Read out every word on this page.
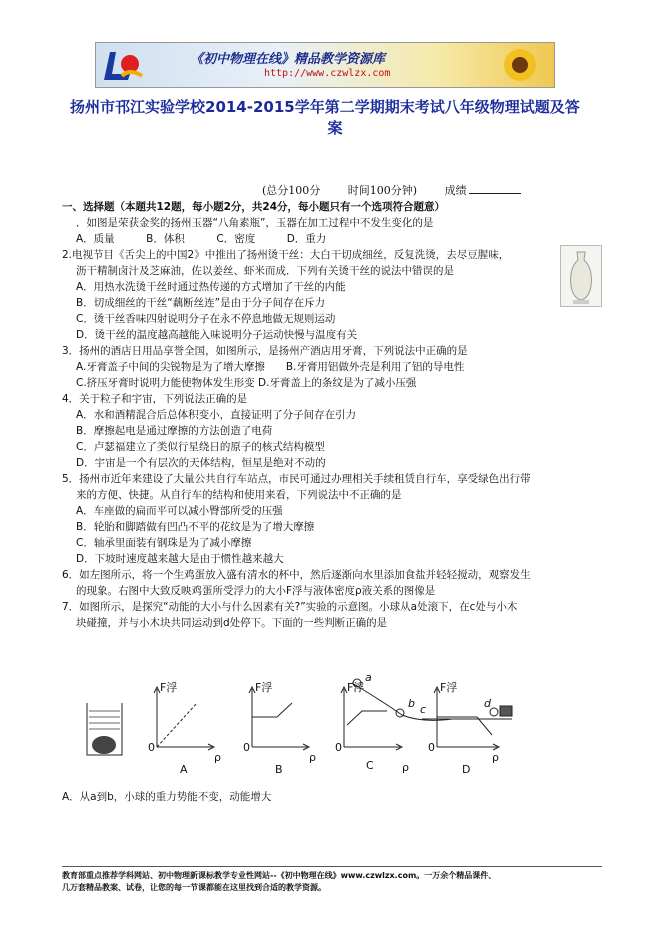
《初中物理在线》精品教学资源库
http://www.czwlzx.com
扬州市邗江实验学校2014-2015学年第二学期期末考试八年级物理试题及答
案
(总分100分	时间100分钟)	成绩

一、选择题（本题共12题，每小题2分，共24分，每小题只有一个选项符合题意）

．如图是荣获金奖的扬州玉器“八角素瓶”，玉器在加工过程中不发生变化的是

A．质量　　　B．体积　　　C．密度　　　D．重力

2.电视节目《舌尖上的中国2》中推出了扬州烫干丝：大白干切成细丝，反复洗烫，去尽豆腥味，

沥干精制卤汁及芝麻油，佐以姜丝、虾米而成．下列有关烫干丝的说法中错误的是

A．用热水洗烫干丝时通过热传递的方式增加了干丝的内能

B．切成细丝的干丝“藕断丝连”是由于分子间存在斥力

C．烫干丝香味四射说明分子在永不停息地做无规则运动

D．烫干丝的温度越高越能入味说明分子运动快慢与温度有关

3．扬州的酒店日用品享誉全国，如图所示，是扬州产酒店用牙膏，下列说法中正确的是

A.牙膏盖子中间的尖锐物是为了增大摩擦　　B.牙膏用铝做外壳是利用了铝的导电性

C.挤压牙膏时说明力能使物体发生形变 D.牙膏盖上的条纹是为了减小压强

4．关于粒子和宇宙，下列说法正确的是

A．水和酒精混合后总体积变小，直接证明了分子间存在引力

B．摩擦起电是通过摩擦的方法创造了电荷

C．卢瑟福建立了类似行星绕日的原子的核式结构模型

D．宇宙是一个有层次的天体结构，恒星是绝对不动的

5．扬州市近年来建设了大量公共自行车站点，市民可通过办理相关手续租赁自行车，享受绿色出行带

来的方便、快捷。从自行车的结构和使用来看，下列说法中不正确的是

A．车座做的扁而平可以减小臀部所受的压强

B．轮胎和脚踏做有凹凸不平的花纹是为了增大摩擦

C．轴承里面装有钢珠是为了减小摩擦

D．下坡时速度越来越大是由于惯性越来越大

6．如左图所示，将一个生鸡蛋放入盛有清水的杯中，然后逐渐向水里添加食盐并轻轻搅动，观察发生

的现象。右图中大致反映鸡蛋所受浮力的大小F浮与液体密度ρ液关系的图像是

7．如图所示，是探究“动能的大小与什么因素有关?”实验的示意图。小球从a处滚下，在c处与小木

块碰撞，并与小木块共同运动到d处停下。下面的一些判断正确的是

F浮	F浮	F浮	F浮
0	0	0	0
ρ	ρ
ρ
ρ
A	B	C	D
a
b c	d
A．从a到b，小球的重力势能不变，动能增大
教育部重点推荐学科网站、初中物理新课标教学专业性网站--《初中物理在线》www.czwlzx.com。一万余个精品课件、
几万套精品教案、试卷，让您的每一节课都能在这里找到合适的教学资源。
